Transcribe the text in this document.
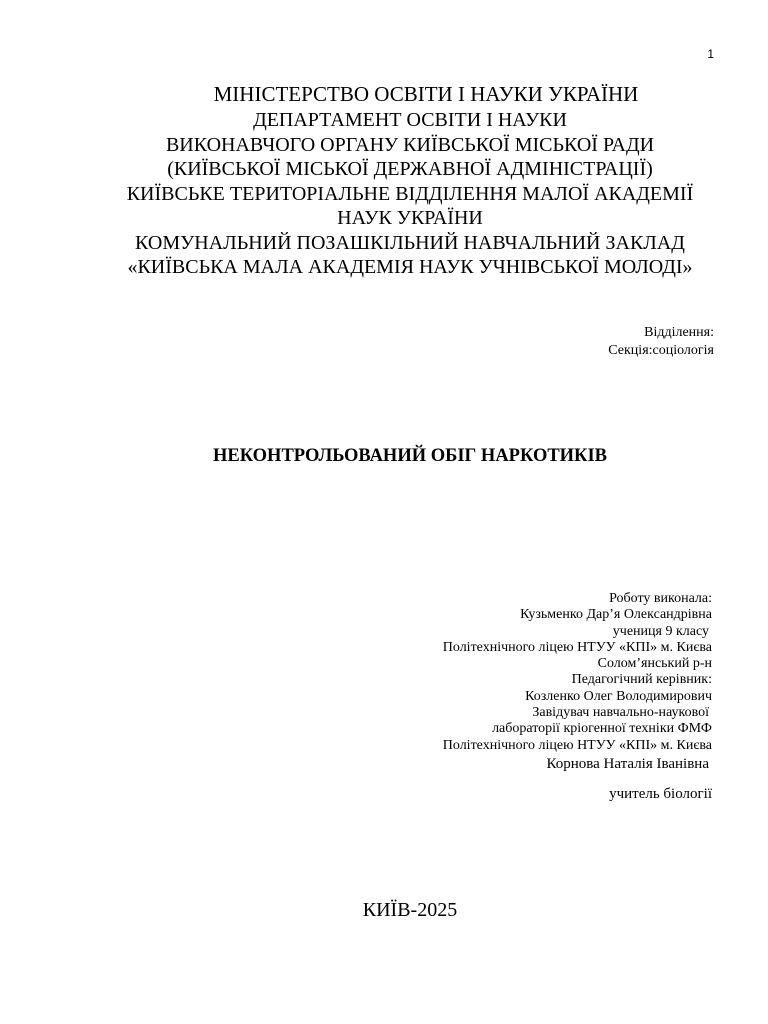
1
МІНІСТЕРСТВО ОСВІТИ І НАУКИ УКРАЇНИ
ДЕПАРТАМЕНТ ОСВІТИ І НАУКИ
ВИКОНАВЧОГО ОРГАНУ КИЇВСЬКОЇ МІСЬКОЇ РАДИ
(КИЇВСЬКОЇ МІСЬКОЇ ДЕРЖАВНОЇ АДМІНІСТРАЦІЇ)
КИЇВСЬКЕ ТЕРИТОРІАЛЬНЕ ВІДДІЛЕННЯ МАЛОЇ АКАДЕМІЇ
НАУК УКРАЇНИ
КОМУНАЛЬНИЙ ПОЗАШКІЛЬНИЙ НАВЧАЛЬНИЙ ЗАКЛАД
«КИЇВСЬКА МАЛА АКАДЕМІЯ НАУК УЧНІВСЬКОЇ МОЛОДІ»
Відділення:
Секція:соціологія
НЕКОНТРОЛЬОВАНИЙ ОБІГ НАРКОТИКІВ
Роботу виконала:
Кузьменко Дар’я Олександрівна
учениця 9 класу
Політехнічного ліцею НТУУ «КПІ» м. Києва
Солом’янський р-н
Педагогічний керівник:
Козленко Олег Володимирович
Завідувач навчально-наукової
лабораторії кріогенної техніки ФМФ
Політехнічного ліцею НТУУ «КПІ» м. Києва
Корнова Наталія Іванівна
учитель біології
КИЇВ-2025
